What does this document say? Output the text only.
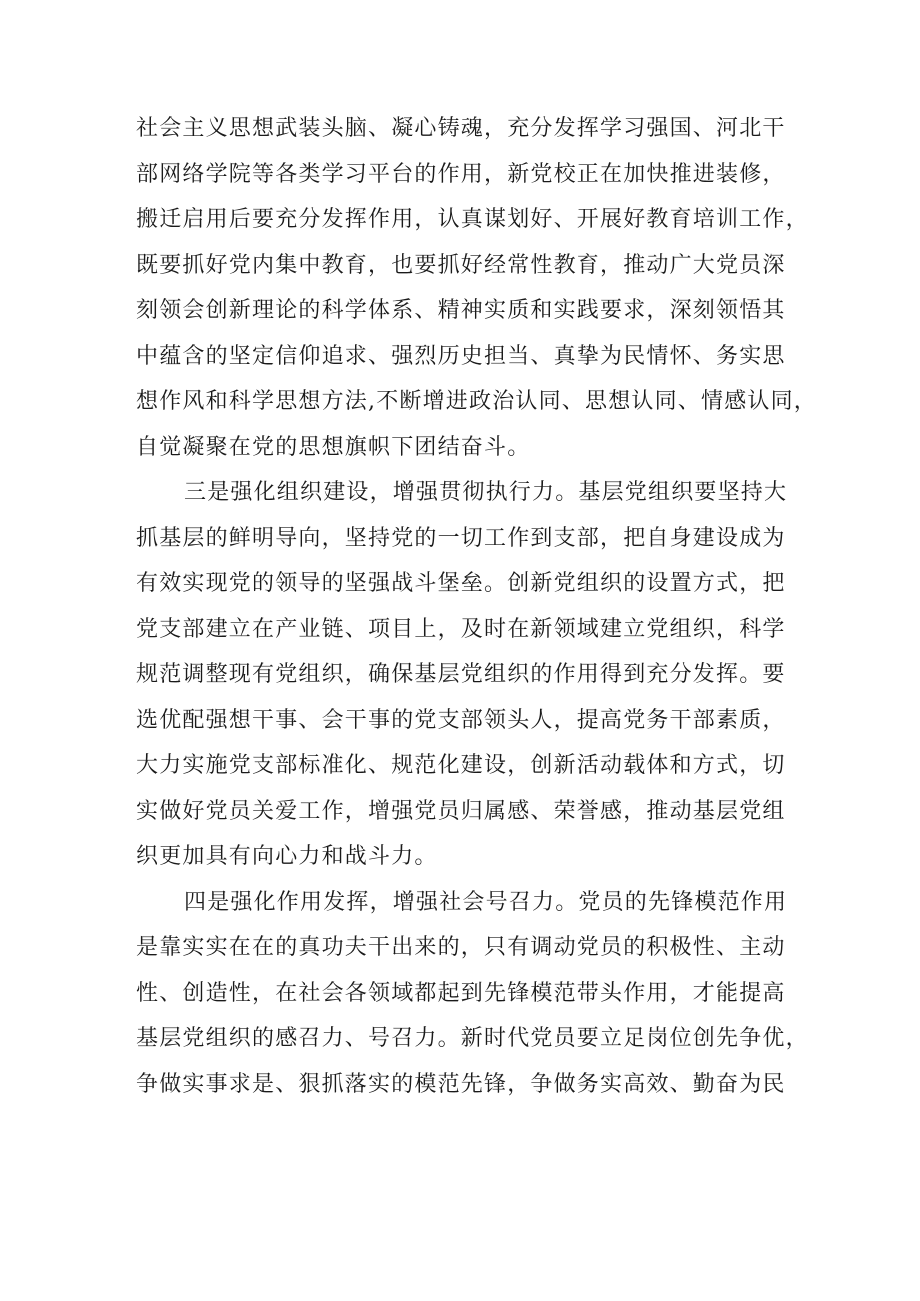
社会主义思想武装头脑、凝心铸魂，充分发挥学习强国、河北干
部网络学院等各类学习平台的作用，新党校正在加快推进装修，
搬迁启用后要充分发挥作用，认真谋划好、开展好教育培训工作，
既要抓好党内集中教育，也要抓好经常性教育，推动广大党员深
刻领会创新理论的科学体系、精神实质和实践要求，深刻领悟其
中蕴含的坚定信仰追求、强烈历史担当、真挚为民情怀、务实思
想作风和科学思想方法,不断增进政治认同、思想认同、情感认同，
自觉凝聚在党的思想旗帜下团结奋斗。
三是强化组织建设，增强贯彻执行力。基层党组织要坚持大
抓基层的鲜明导向，坚持党的一切工作到支部，把自身建设成为
有效实现党的领导的坚强战斗堡垒。创新党组织的设置方式，把
党支部建立在产业链、项目上，及时在新领域建立党组织，科学
规范调整现有党组织，确保基层党组织的作用得到充分发挥。要
选优配强想干事、会干事的党支部领头人，提高党务干部素质，
大力实施党支部标准化、规范化建设，创新活动载体和方式，切
实做好党员关爱工作，增强党员归属感、荣誉感，推动基层党组
织更加具有向心力和战斗力。
四是强化作用发挥，增强社会号召力。党员的先锋模范作用
是靠实实在在的真功夫干出来的，只有调动党员的积极性、主动
性、创造性，在社会各领域都起到先锋模范带头作用，才能提高
基层党组织的感召力、号召力。新时代党员要立足岗位创先争优，
争做实事求是、狠抓落实的模范先锋，争做务实高效、勤奋为民
